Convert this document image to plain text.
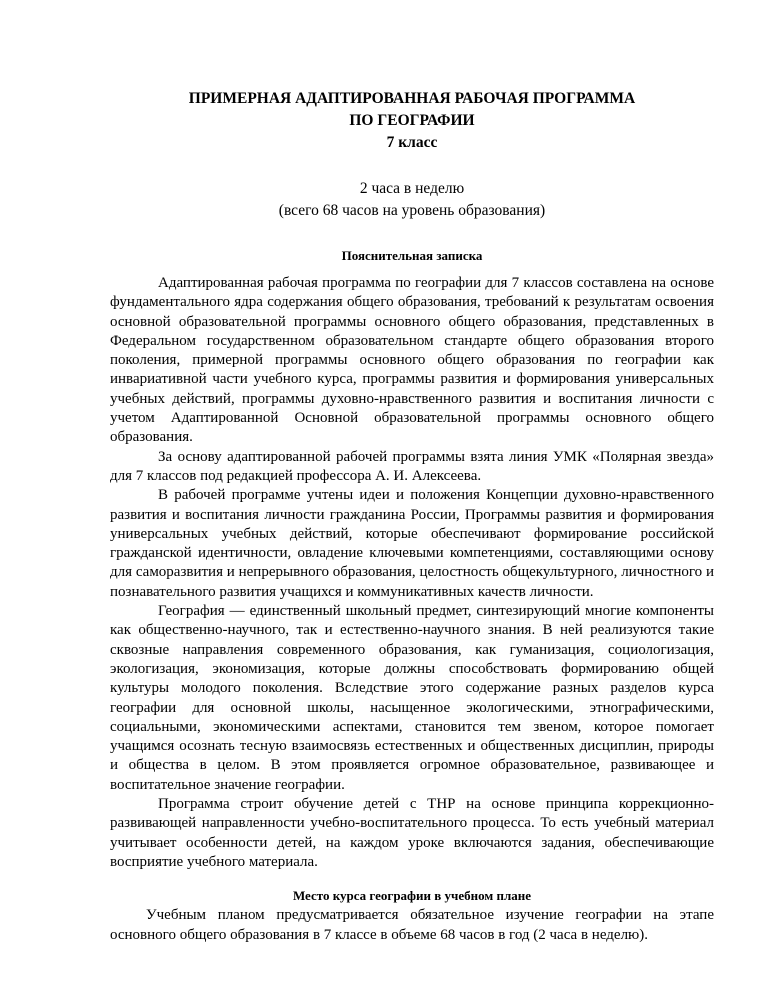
ПРИМЕРНАЯ АДАПТИРОВАННАЯ РАБОЧАЯ ПРОГРАММА
ПО ГЕОГРАФИИ
7 класс

2 часа в неделю
(всего 68 часов на уровень образования)

Пояснительная записка

Адаптированная рабочая программа по географии для 7 классов составлена на основе фундаментального ядра содержания общего образования, требований к результатам освоения основной образовательной программы основного общего образования, представленных в Федеральном государственном образовательном стандарте общего образования второго поколения, примерной программы основного общего образования по географии как инвариативной части учебного курса, программы развития и формирования универсальных учебных действий, программы духовно-нравственного развития и воспитания личности с учетом Адаптированной Основной образовательной программы основного общего образования.

За основу адаптированной рабочей программы взята линия УМК «Полярная звезда» для 7 классов под редакцией профессора А. И. Алексеева.

В рабочей программе учтены идеи и положения Концепции духовно-нравственного развития и воспитания личности гражданина России, Программы развития и формирования универсальных учебных действий, которые обеспечивают формирование российской гражданской идентичности, овладение ключевыми компетенциями, составляющими основу для саморазвития и непрерывного образования, целостность общекультурного, личностного и познавательного развития учащихся и коммуникативных качеств личности.

География — единственный школьный предмет, синтезирующий многие компоненты как общественно-научного, так и естественно-научного знания. В ней реализуются такие сквозные направления современного образования, как гуманизация, социологизация, экологизация, экономизация, которые должны способствовать формированию общей культуры молодого поколения. Вследствие этого содержание разных разделов курса географии для основной школы, насыщенное экологическими, этнографическими, социальными, экономическими аспектами, становится тем звеном, которое помогает учащимся осознать тесную взаимосвязь естественных и общественных дисциплин, природы и общества в целом. В этом проявляется огромное образовательное, развивающее и воспитательное значение географии.

Программа строит обучение детей с ТНР на основе принципа коррекционно-развивающей направленности учебно-воспитательного процесса. То есть учебный материал учитывает особенности детей, на каждом уроке включаются задания, обеспечивающие восприятие учебного материала.

Место курса географии в учебном плане

Учебным планом предусматривается обязательное изучение географии на этапе основного общего образования в 7 классе в объеме 68 часов в год (2 часа в неделю).
